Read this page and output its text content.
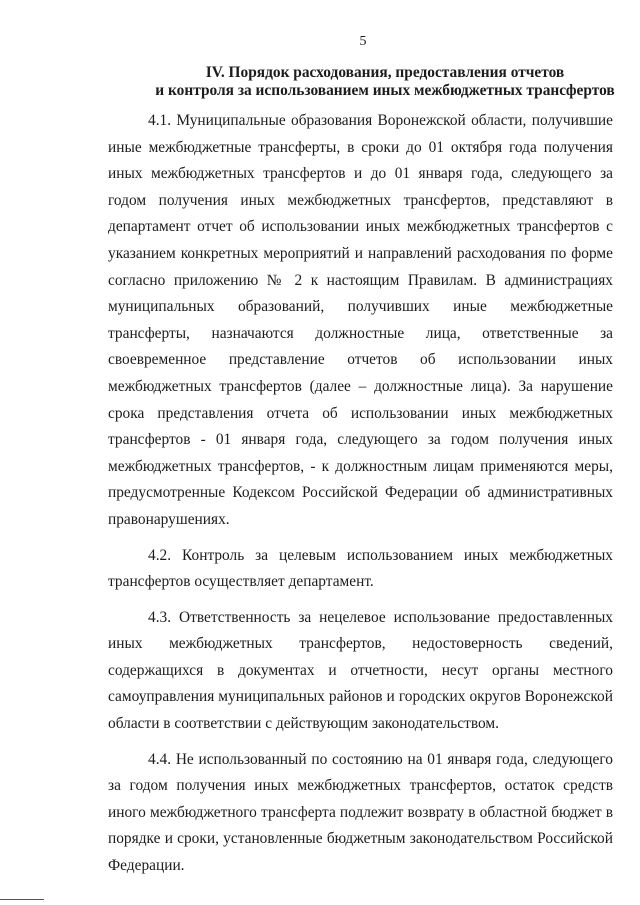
5
IV. Порядок расходования, предоставления отчетов
и контроля за использованием иных межбюджетных трансфертов

4.1. Муниципальные образования Воронежской области, получившие иные межбюджетные трансферты, в сроки до 01 октября года получения иных межбюджетных трансфертов и до 01 января года, следующего за годом получения иных межбюджетных трансфертов, представляют в департамент отчет об использовании иных межбюджетных трансфертов с указанием конкретных мероприятий и направлений расходования по форме согласно приложению № 2 к настоящим Правилам. В администрациях муниципальных образований, получивших иные межбюджетные трансферты, назначаются должностные лица, ответственные за своевременное представление отчетов об использовании иных межбюджетных трансфертов (далее – должностные лица). За нарушение срока представления отчета об использовании иных межбюджетных трансфертов - 01 января года, следующего за годом получения иных межбюджетных трансфертов, - к должностным лицам применяются меры, предусмотренные Кодексом Российской Федерации об административных правонарушениях.

4.2. Контроль за целевым использованием иных межбюджетных трансфертов осуществляет департамент.

4.3. Ответственность за нецелевое использование предоставленных иных межбюджетных трансфертов, недостоверность сведений, содержащихся в документах и отчетности, несут органы местного самоуправления муниципальных районов и городских округов Воронежской области в соответствии с действующим законодательством.

4.4. Не использованный по состоянию на 01 января года, следующего за годом получения иных межбюджетных трансфертов, остаток средств иного межбюджетного трансферта подлежит возврату в областной бюджет в порядке и сроки, установленные бюджетным законодательством Российской Федерации.
